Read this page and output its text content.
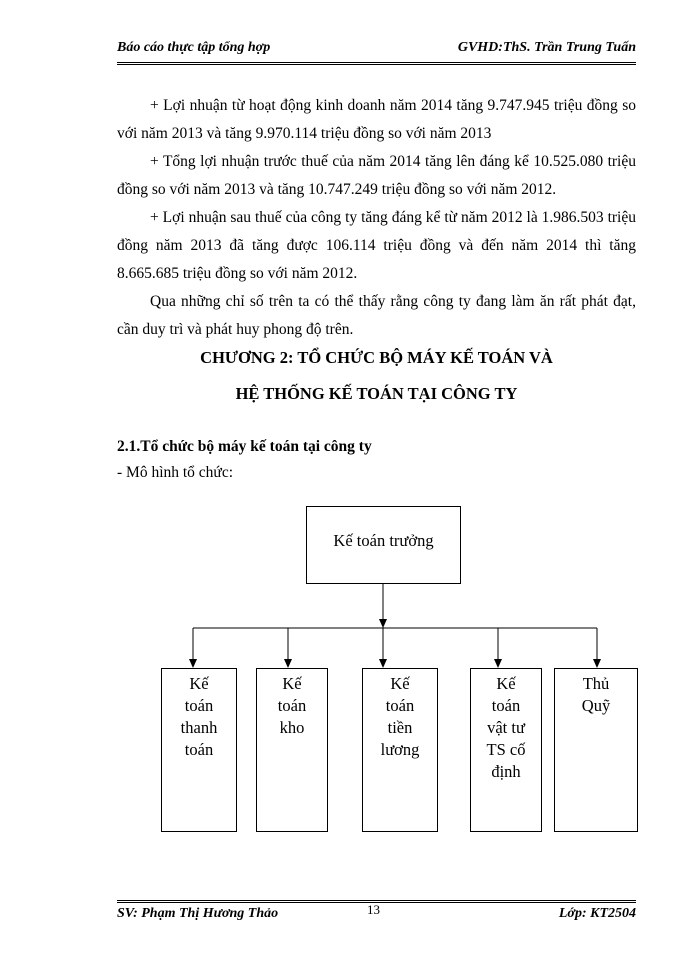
Báo cáo thực tập tổng hợp	GVHD:ThS. Trần Trung Tuấn

+ Lợi nhuận từ hoạt động kinh doanh năm 2014 tăng 9.747.945 triệu đồng so với năm 2013 và tăng 9.970.114 triệu đồng so với năm 2013

+ Tổng lợi nhuận trước thuế của năm 2014 tăng lên đáng kể 10.525.080 triệu đồng so với năm 2013 và tăng 10.747.249 triệu đồng so với năm 2012.

+ Lợi nhuận sau thuế của công ty tăng đáng kể từ năm 2012 là 1.986.503 triệu đồng năm 2013 đã tăng được 106.114 triệu đồng và đến năm 2014 thì tăng 8.665.685 triệu đồng so với năm 2012.

Qua những chỉ số trên ta có thể thấy rằng công ty đang làm ăn rất phát đạt, cần duy trì và phát huy phong độ trên.

CHƯƠNG 2: TỔ CHỨC BỘ MÁY KẾ TOÁN VÀ
HỆ THỐNG KẾ TOÁN TẠI CÔNG TY
2.1.Tổ chức bộ máy kế toán tại công ty
- Mô hình tổ chức:
Kế toán trưởng
Kế
toán
thanh
toán
Kế
toán
kho
Kế
toán
tiền
lương
Kế
toán
vật tư
TS cố
định
Thủ
Quỹ
SV: Phạm Thị Hương Thảo	13	Lớp: KT2504
